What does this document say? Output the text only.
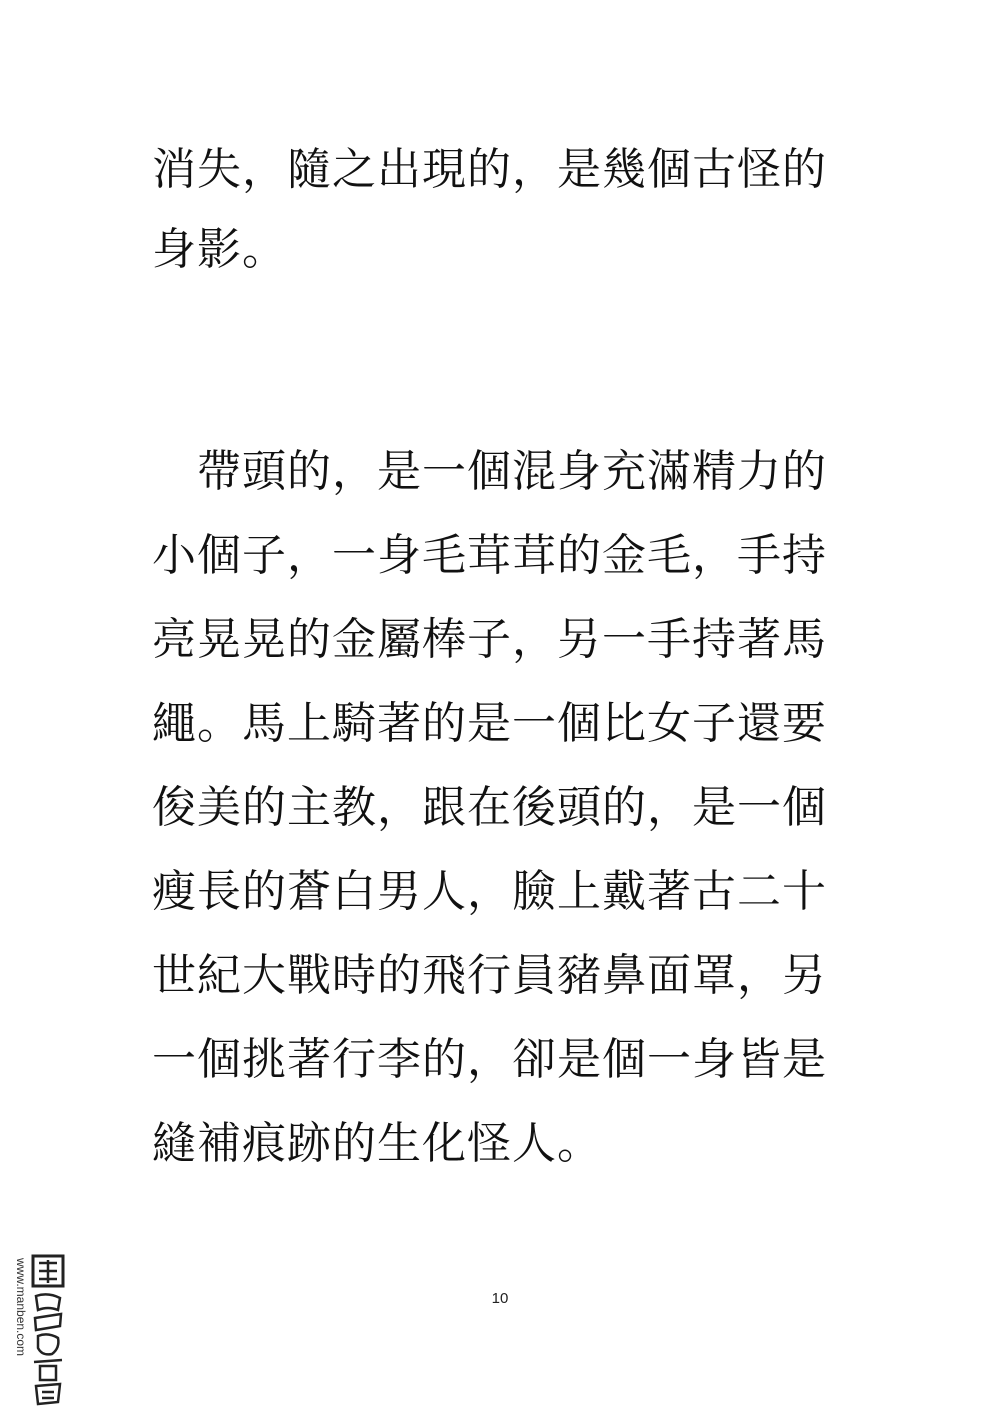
消失，隨之出現的，是幾個古怪的
身影。
　帶頭的，是一個混身充滿精力的
小個子，一身毛茸茸的金毛，手持
亮晃晃的金屬棒子，另一手持著馬
繩。馬上騎著的是一個比女子還要
俊美的主教，跟在後頭的，是一個
瘦長的蒼白男人，臉上戴著古二十
世紀大戰時的飛行員豬鼻面罩，另
一個挑著行李的，卻是個一身皆是
縫補痕跡的生化怪人。
10
www.manben.com
